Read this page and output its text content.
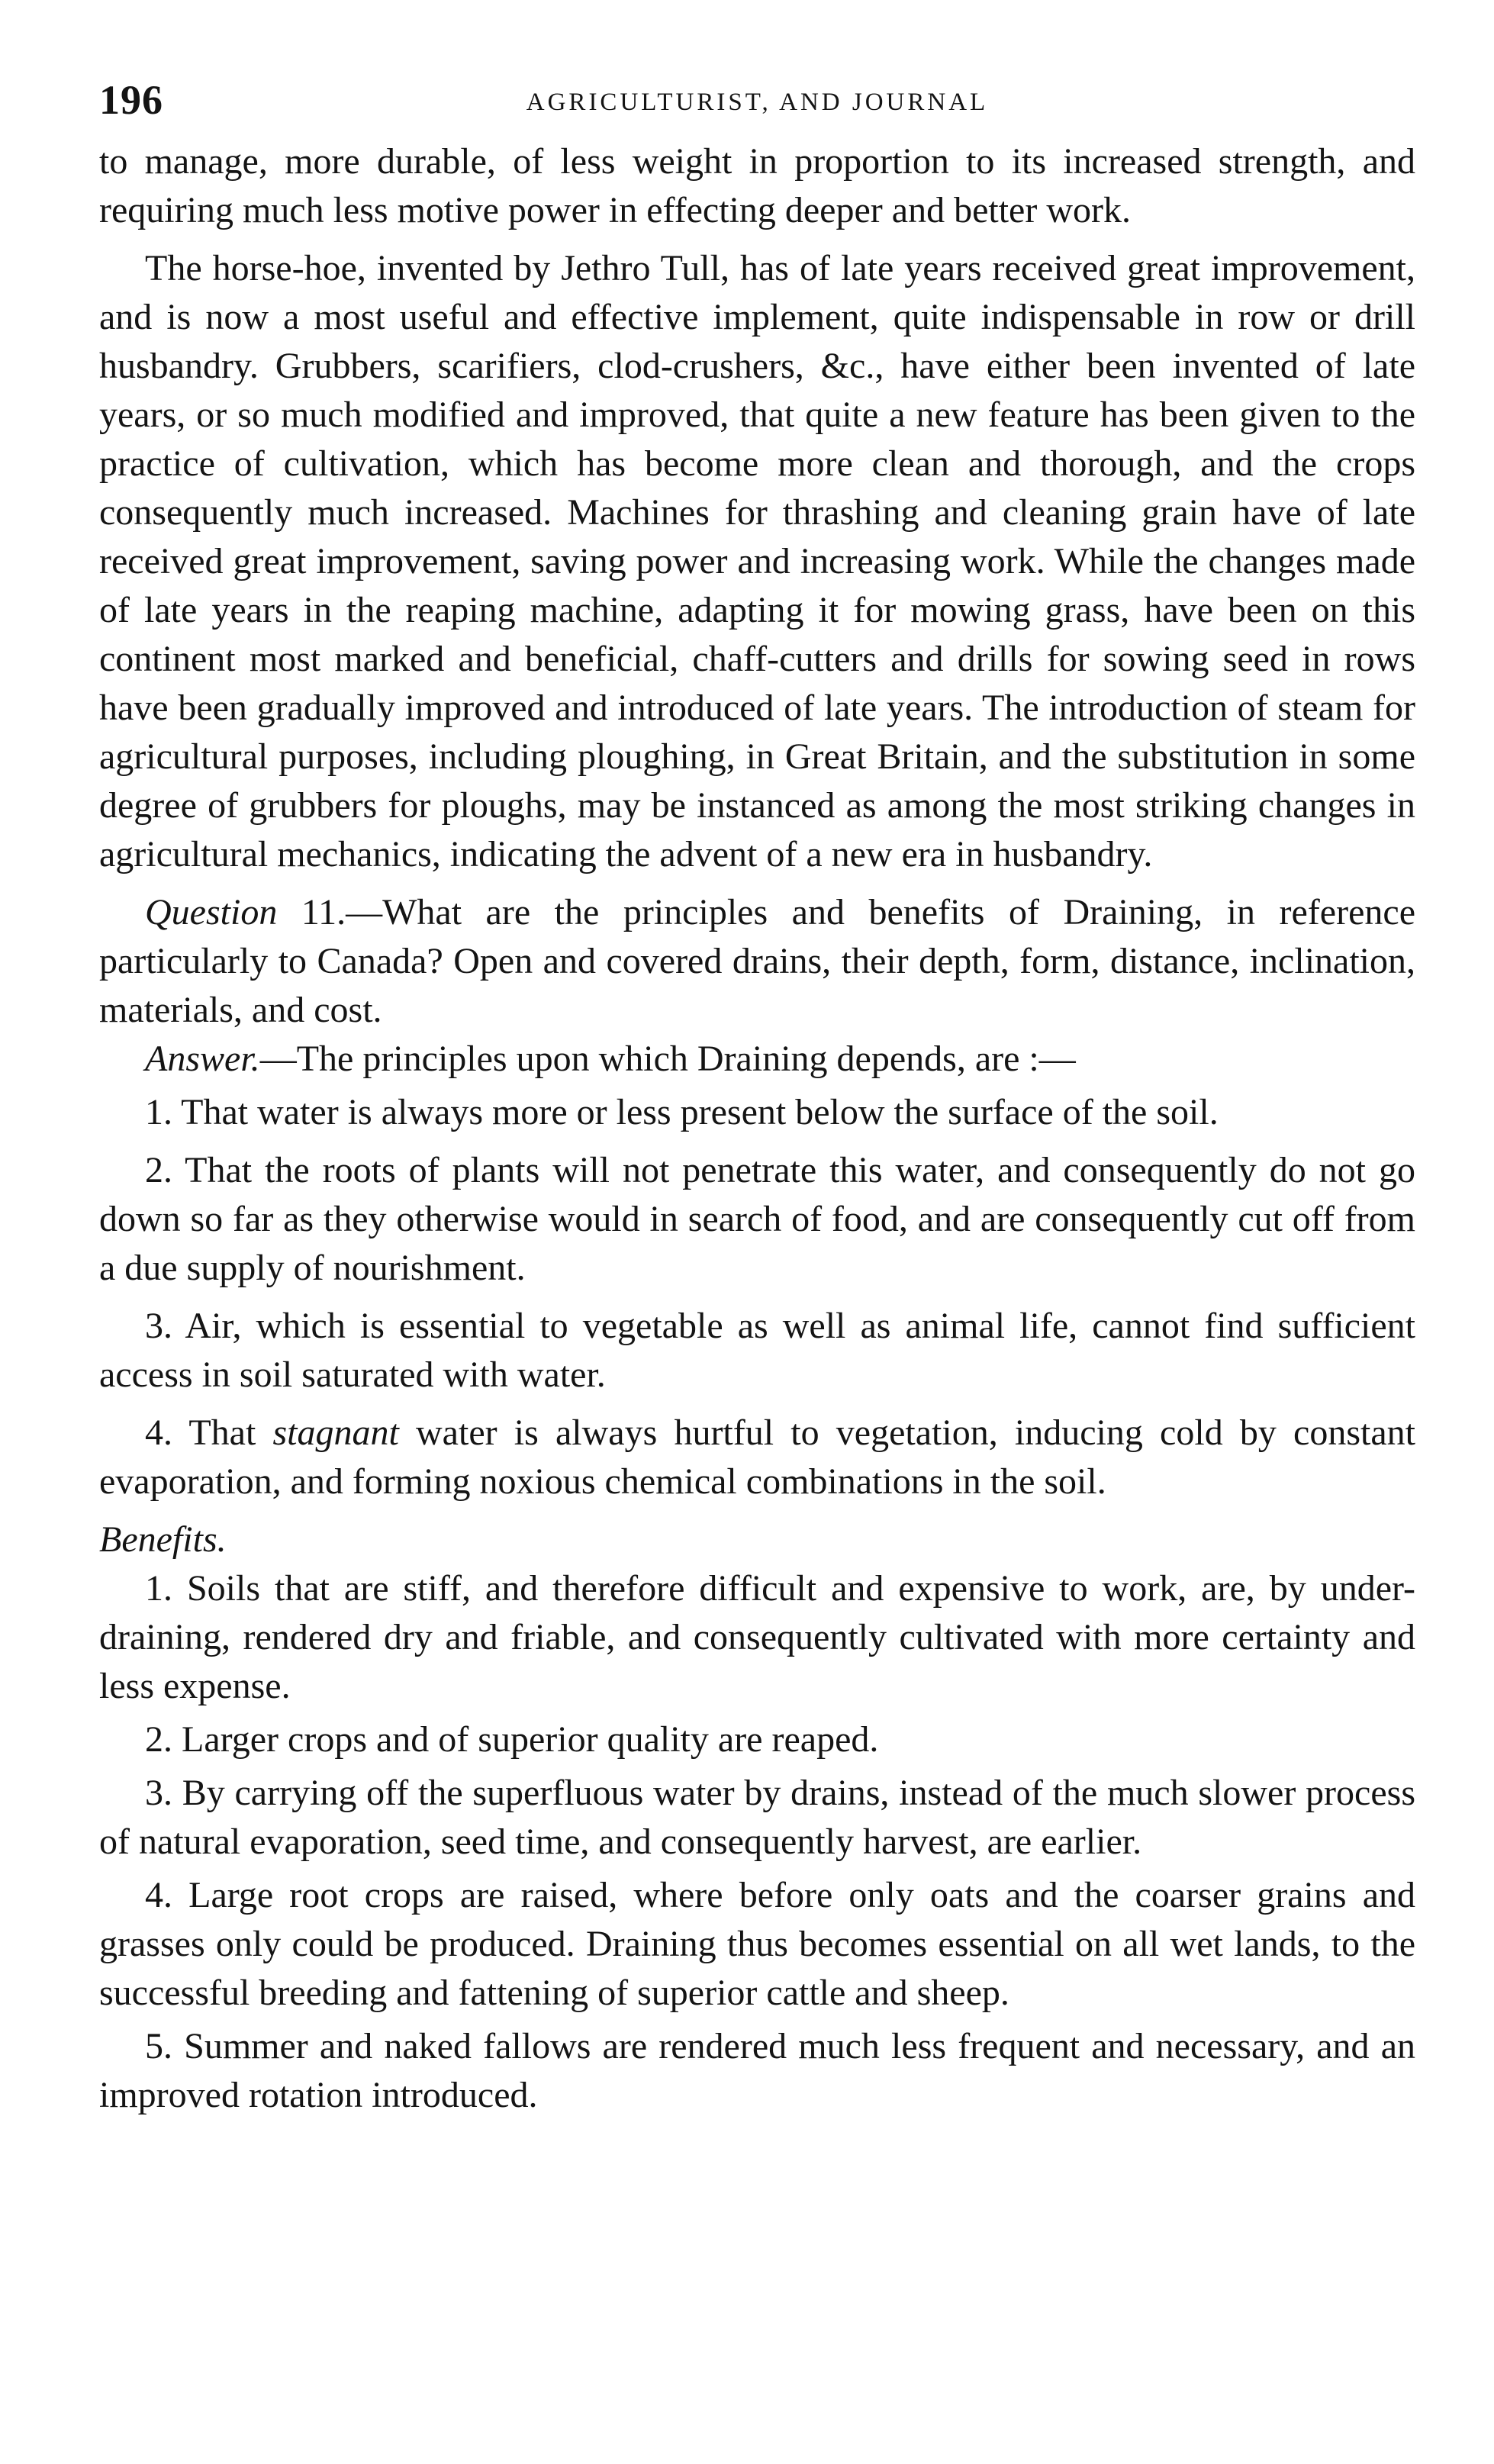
196	AGRICULTURIST, AND JOURNAL

to manage, more durable, of less weight in proportion to its increased strength, and requiring much less motive power in effecting deeper and better work.

The horse-hoe, invented by Jethro Tull, has of late years received great improvement, and is now a most useful and effective implement, quite indispensable in row or drill husbandry. Grubbers, scarifiers, clod-crushers, &c., have either been invented of late years, or so much modified and improved, that quite a new feature has been given to the practice of cultivation, which has become more clean and thorough, and the crops consequently much increased. Machines for thrashing and cleaning grain have of late received great improvement, saving power and increasing work. While the changes made of late years in the reaping machine, adapting it for mowing grass, have been on this continent most marked and beneficial, chaff-cutters and drills for sowing seed in rows have been gradually improved and introduced of late years. The introduction of steam for agricultural purposes, including ploughing, in Great Britain, and the substitution in some degree of grubbers for ploughs, may be instanced as among the most striking changes in agricultural mechanics, indicating the advent of a new era in husbandry.

Question 11.—What are the principles and benefits of Draining, in reference particularly to Canada? Open and covered drains, their depth, form, distance, inclination, materials, and cost.

Answer.—The principles upon which Draining depends, are :—

1. That water is always more or less present below the surface of the soil.

2. That the roots of plants will not penetrate this water, and consequently do not go down so far as they otherwise would in search of food, and are consequently cut off from a due supply of nourishment.

3. Air, which is essential to vegetable as well as animal life, cannot find sufficient access in soil saturated with water.

4. That stagnant water is always hurtful to vegetation, inducing cold by constant evaporation, and forming noxious chemical combinations in the soil.

Benefits.

1. Soils that are stiff, and therefore difficult and expensive to work, are, by under-draining, rendered dry and friable, and consequently cultivated with more certainty and less expense.

2. Larger crops and of superior quality are reaped.

3. By carrying off the superfluous water by drains, instead of the much slower process of natural evaporation, seed time, and consequently harvest, are earlier.

4. Large root crops are raised, where before only oats and the coarser grains and grasses only could be produced. Draining thus becomes essential on all wet lands, to the successful breeding and fattening of superior cattle and sheep.

5. Summer and naked fallows are rendered much less frequent and necessary, and an improved rotation introduced.
